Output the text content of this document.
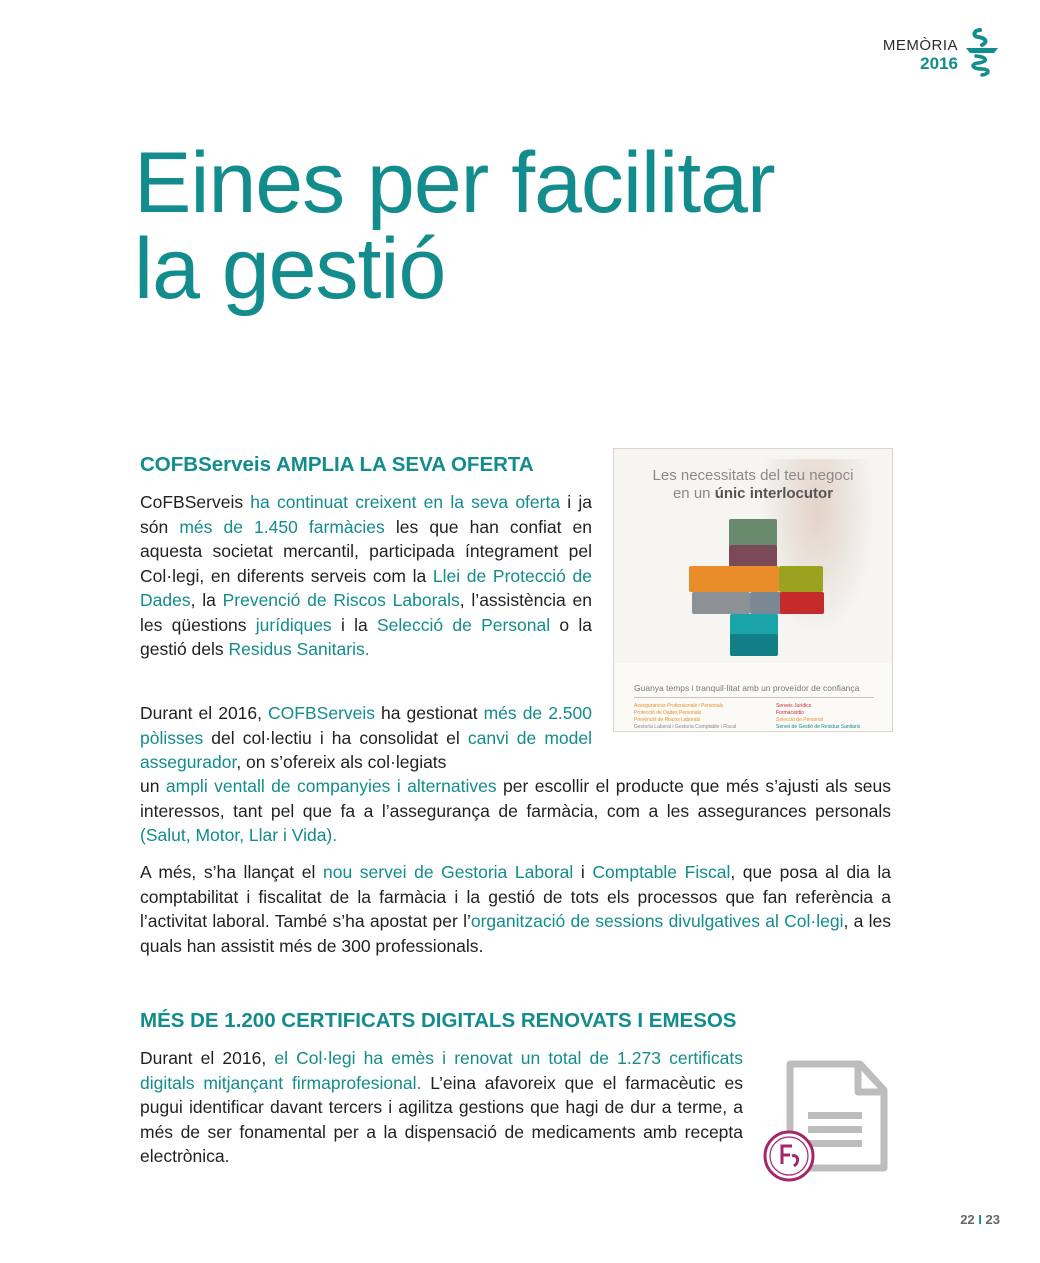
MEMÒRIA
2016
Eines per facilitar
la gestió
COFBServeis AMPLIA LA SEVA OFERTA

CoFBServeis ha continuat creixent en la seva oferta i ja són més de 1.450 farmàcies les que han confiat en aquesta societat mercantil, participada íntegrament pel Col·legi, en diferents serveis com la Llei de Protecció de Dades, la Prevenció de Riscos Laborals, l’assistència en les qüestions jurídiques i la Selecció de Personal o la gestió dels Residus Sanitaris.

Durant el 2016, COFBServeis ha gestionat més de 2.500 pòlisses del col·lectiu i ha consolidat el canvi de model assegurador, on s’ofereix als col·legiats

un ampli ventall de companyies i alternatives per escollir el producte que més s’ajusti als seus interessos, tant pel que fa a l’assegurança de farmàcia, com a les assegurances personals (Salut, Motor, Llar i Vida).

A més, s’ha llançat el nou servei de Gestoria Laboral i Comptable Fiscal, que posa al dia la comptabilitat i fiscalitat de la farmàcia i la gestió de tots els processos que fan referència a l’activitat laboral. També s’ha apostat per l’organització de sessions divulgatives al Col·legi, a les quals han assistit més de 300 professionals.

Les necessitats del teu negoci
en un únic interlocutor
Guanya temps i tranquil·litat amb un proveïdor de confiança
Assegurances Professionals i Personals
Protecció de Dades Personals
Prevenció de Riscos Laborals
Gestoria Laboral i Gestoria Comptable i Fiscal
Serveis Jurídics
Formacardio
Selecció de Personal
Servei de Gestió de Residus Sanitaris
MÉS DE 1.200 CERTIFICATS DIGITALS RENOVATS I EMESOS

Durant el 2016, el Col·legi ha emès i renovat un total de 1.273 certificats digitals mitjançant firmaprofesional. L’eina afavoreix que el farmacèutic es pugui identificar davant tercers i agilitza gestions que hagi de dur a terme, a més de ser fonamental per a la dispensació de medicaments amb recepta electrònica.

22 I 23
